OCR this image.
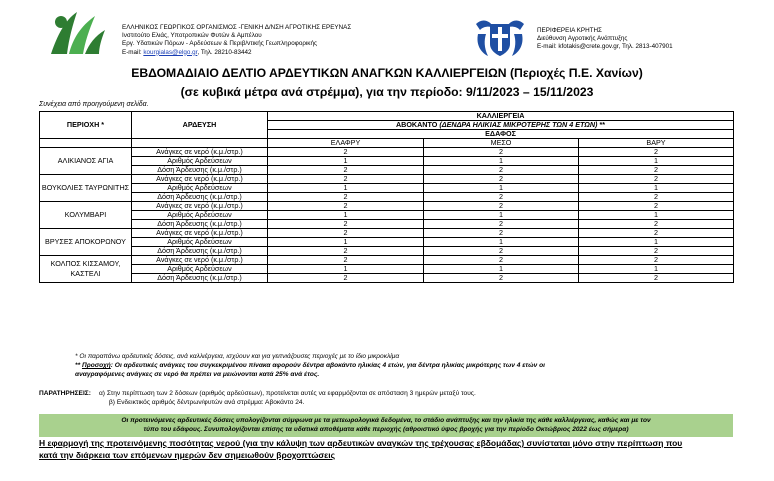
ΕΛΛΗΝΙΚΟΣ ΓΕΩΡΓΙΚΟΣ ΟΡΓΑΝΙΣΜΟΣ -ΓΕΝΙΚΗ Δ/ΝΣΗ ΑΓΡΟΤΙΚΗΣ ΕΡΕΥΝΑΣ
Ινστιτούτο Ελιάς, Υποτροπικών Φυτών & Αμπέλου
Εργ. Υδατικών Πόρων - Αρδεύσεων & Περιβ/ντικής Γεωπληροφορικής
E-mail: kourgialas@elgo.gr, Τηλ. 28210-83442
ΠΕΡΙΦΕΡΕΙΑ ΚΡΗΤΗΣ
Διεύθυνση Αγροτικής Ανάπτυξης
E-mail: kfotakis@crete.gov.gr, Τηλ. 2813-407901
ΕΒΔΟΜΑΔΙΑΙΟ ΔΕΛΤΙΟ ΑΡΔΕΥΤΙΚΩΝ ΑΝΑΓΚΩΝ ΚΑΛΛΙΕΡΓΕΙΩΝ (Περιοχές Π.Ε. Χανίων)
(σε κυβικά μέτρα ανά στρέμμα), για την περίοδο: 9/11/2023 – 15/11/2023
Συνέχεια από προηγούμενη σελίδα.
ΠΕΡΙΟΧΗ *	ΑΡΔΕΥΣΗ	ΚΑΛΛΙΕΡΓΕΙΑ		
		ΑΒΟΚΑΝΤΟ (ΔΕΝΔΡΑ ΗΛΙΚΙΑΣ ΜΙΚΡΟΤΕΡΗΣ ΤΩΝ 4 ΕΤΩΝ) **		
		ΕΔΑΦΟΣ		
		ΕΛΑΦΡΥ	ΜΕΣΟ	ΒΑΡΥ
ΑΛΙΚΙΑΝΟΣ ΑΓΙΑ	Ανάγκες σε νερό (κ.μ./στρ.)	2	2	2
	Αριθμός Αρδεύσεων	1	1	1
	Δόση Άρδευσης (κ.μ./στρ.)	2	2	2
ΒΟΥΚΟΛΙΕΣ ΤΑΥΡΩΝΙΤΗΣ	Ανάγκες σε νερό (κ.μ./στρ.)	2	2	2
	Αριθμός Αρδεύσεων	1	1	1
	Δόση Άρδευσης (κ.μ./στρ.)	2	2	2
ΚΟΛΥΜΒΑΡΙ	Ανάγκες σε νερό (κ.μ./στρ.)	2	2	2
	Αριθμός Αρδεύσεων	1	1	1
	Δόση Άρδευσης (κ.μ./στρ.)	2	2	2
ΒΡΥΣΕΣ ΑΠΟΚΟΡΩΝΟΥ	Ανάγκες σε νερό (κ.μ./στρ.)	2	2	2
	Αριθμός Αρδεύσεων	1	1	1
	Δόση Άρδευσης (κ.μ./στρ.)	2	2	2
ΚΟΛΠΟΣ ΚΙΣΣΑΜΟΥ, ΚΑΣΤΕΛΙ	Ανάγκες σε νερό (κ.μ./στρ.)	2	2	2
	Αριθμός Αρδεύσεων	1	1	1
	Δόση Άρδευσης (κ.μ./στρ.)	2	2	2
* Οι παραπάνω αρδευτικές δόσεις, ανά καλλιέργεια, ισχύουν και για γειτνιάζουσες περιοχές με το ίδιο μικροκλίμα
** Προσοχή: Οι αρδευτικές ανάγκες του συγκεκριμένου πίνακα αφορούν δέντρα αβοκάντο ηλικίας 4 ετών, για δέντρα ηλικίας μικρότερης των 4 ετών οι
αναγραφόμενες ανάγκες σε νερό θα πρέπει να μειώνονται κατά 25% ανά έτος.
ΠΑΡΑΤΗΡΗΣΕΙΣ: α) Στην περίπτωση των 2 δόσεων (αριθμός αρδεύσεων), προτείνεται αυτές να εφαρμόζονται σε απόσταση 3 ημερών μεταξύ τους.
β) Ενδεικτικός αριθμός δέντρων/φυτών ανά στρέμμα: Αβοκάντο 24.
Οι προτεινόμενες αρδευτικές δόσεις υπολογίζονται σύμφωνα με τα μετεωρολογικά δεδομένα, το στάδιο ανάπτυξης και την ηλικία της κάθε καλλιέργειας, καθώς και με τον
τύπο του εδάφους. Συνυπολογίζονται επίσης τα υδατικά αποθέματα κάθε περιοχής (αθροιστικό ύψος βροχής για την περίοδο Οκτώβριος 2022 έως σήμερα)
Η εφαρμογή της προτεινόμενης ποσότητας νερού (για την κάλυψη των αρδευτικών αναγκών της τρέχουσας εβδομάδας) συνίσταται μόνο στην περίπτωση που
κατά την διάρκεια των επόμενων ημερών δεν σημειωθούν βροχοπτώσεις
